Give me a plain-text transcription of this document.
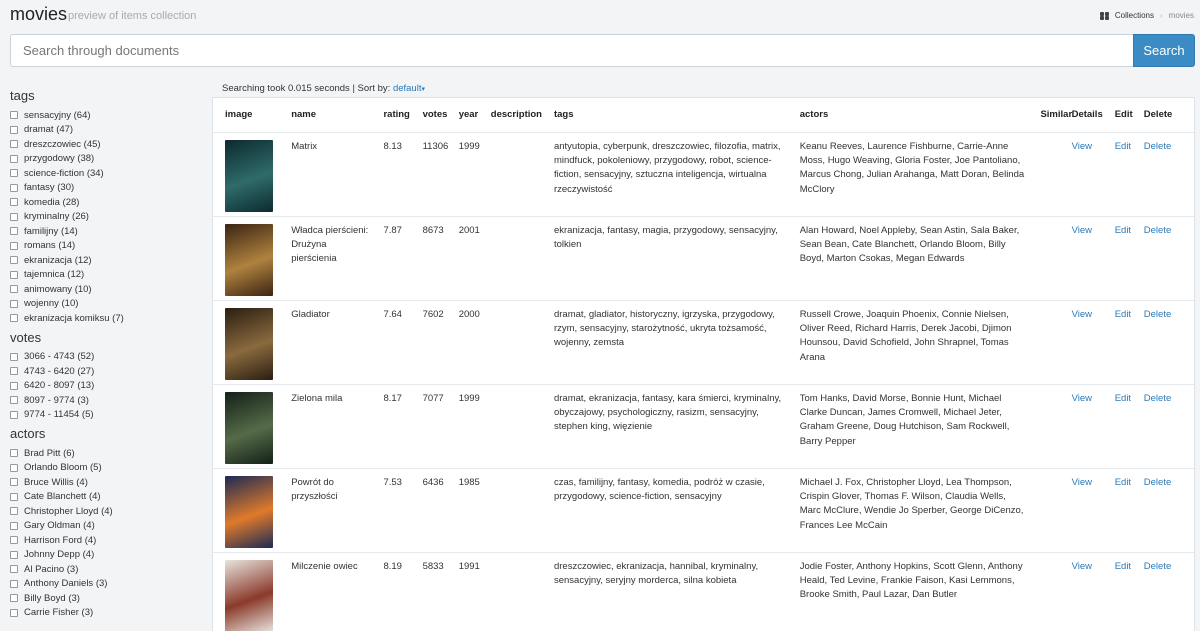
movies preview of items collection	Collections › movies
Search through documents
Search
tags
sensacyjny (64)
dramat (47)
dreszczowiec (45)
przygodowy (38)
science-fiction (34)
fantasy (30)
komedia (28)
kryminalny (26)
familijny (14)
romans (14)
ekranizacja (12)
tajemnica (12)
animowany (10)
wojenny (10)
ekranizacja komiksu (7)
votes
3066 - 4743 (52)
4743 - 6420 (27)
6420 - 8097 (13)
8097 - 9774 (3)
9774 - 11454 (5)
actors
Brad Pitt (6)
Orlando Bloom (5)
Bruce Willis (4)
Cate Blanchett (4)
Christopher Lloyd (4)
Gary Oldman (4)
Harrison Ford (4)
Johnny Depp (4)
Al Pacino (3)
Anthony Daniels (3)
Billy Boyd (3)
Carrie Fisher (3)
Searching took 0.015 seconds | Sort by: default▾
image	name	rating	votes	year	description	tags	actors	Similar	Details	Edit	Delete

	Matrix	8.13	11306	1999		antyutopia, cyberpunk, dreszczowiec, filozofia, matrix, mindfuck, pokoleniowy, przygodowy, robot, science-fiction, sensacyjny, sztuczna inteligencja, wirtualna rzeczywistość	Keanu Reeves, Laurence Fishburne, Carrie-Anne Moss, Hugo Weaving, Gloria Foster, Joe Pantoliano, Marcus Chong, Julian Arahanga, Matt Doran, Belinda McClory		View	Edit	Delete

	Władca pierścieni: Drużyna pierścienia	7.87	8673	2001		ekranizacja, fantasy, magia, przygodowy, sensacyjny, tolkien	Alan Howard, Noel Appleby, Sean Astin, Sala Baker, Sean Bean, Cate Blanchett, Orlando Bloom, Billy Boyd, Marton Csokas, Megan Edwards		View	Edit	Delete

	Gladiator	7.64	7602	2000		dramat, gladiator, historyczny, igrzyska, przygodowy, rzym, sensacyjny, starożytność, ukryta tożsamość, wojenny, zemsta	Russell Crowe, Joaquin Phoenix, Connie Nielsen, Oliver Reed, Richard Harris, Derek Jacobi, Djimon Hounsou, David Schofield, John Shrapnel, Tomas Arana		View	Edit	Delete

	Zielona mila	8.17	7077	1999		dramat, ekranizacja, fantasy, kara śmierci, kryminalny, obyczajowy, psychologiczny, rasizm, sensacyjny, stephen king, więzienie	Tom Hanks, David Morse, Bonnie Hunt, Michael Clarke Duncan, James Cromwell, Michael Jeter, Graham Greene, Doug Hutchison, Sam Rockwell, Barry Pepper		View	Edit	Delete

	Powrót do przyszłości	7.53	6436	1985		czas, familijny, fantasy, komedia, podróż w czasie, przygodowy, science-fiction, sensacyjny	Michael J. Fox, Christopher Lloyd, Lea Thompson, Crispin Glover, Thomas F. Wilson, Claudia Wells, Marc McClure, Wendie Jo Sperber, George DiCenzo, Frances Lee McCain		View	Edit	Delete

	Milczenie owiec	8.19	5833	1991		dreszczowiec, ekranizacja, hannibal, kryminalny, sensacyjny, seryjny morderca, silna kobieta	Jodie Foster, Anthony Hopkins, Scott Glenn, Anthony Heald, Ted Levine, Frankie Faison, Kasi Lemmons, Brooke Smith, Paul Lazar, Dan Butler		View	Edit	Delete
